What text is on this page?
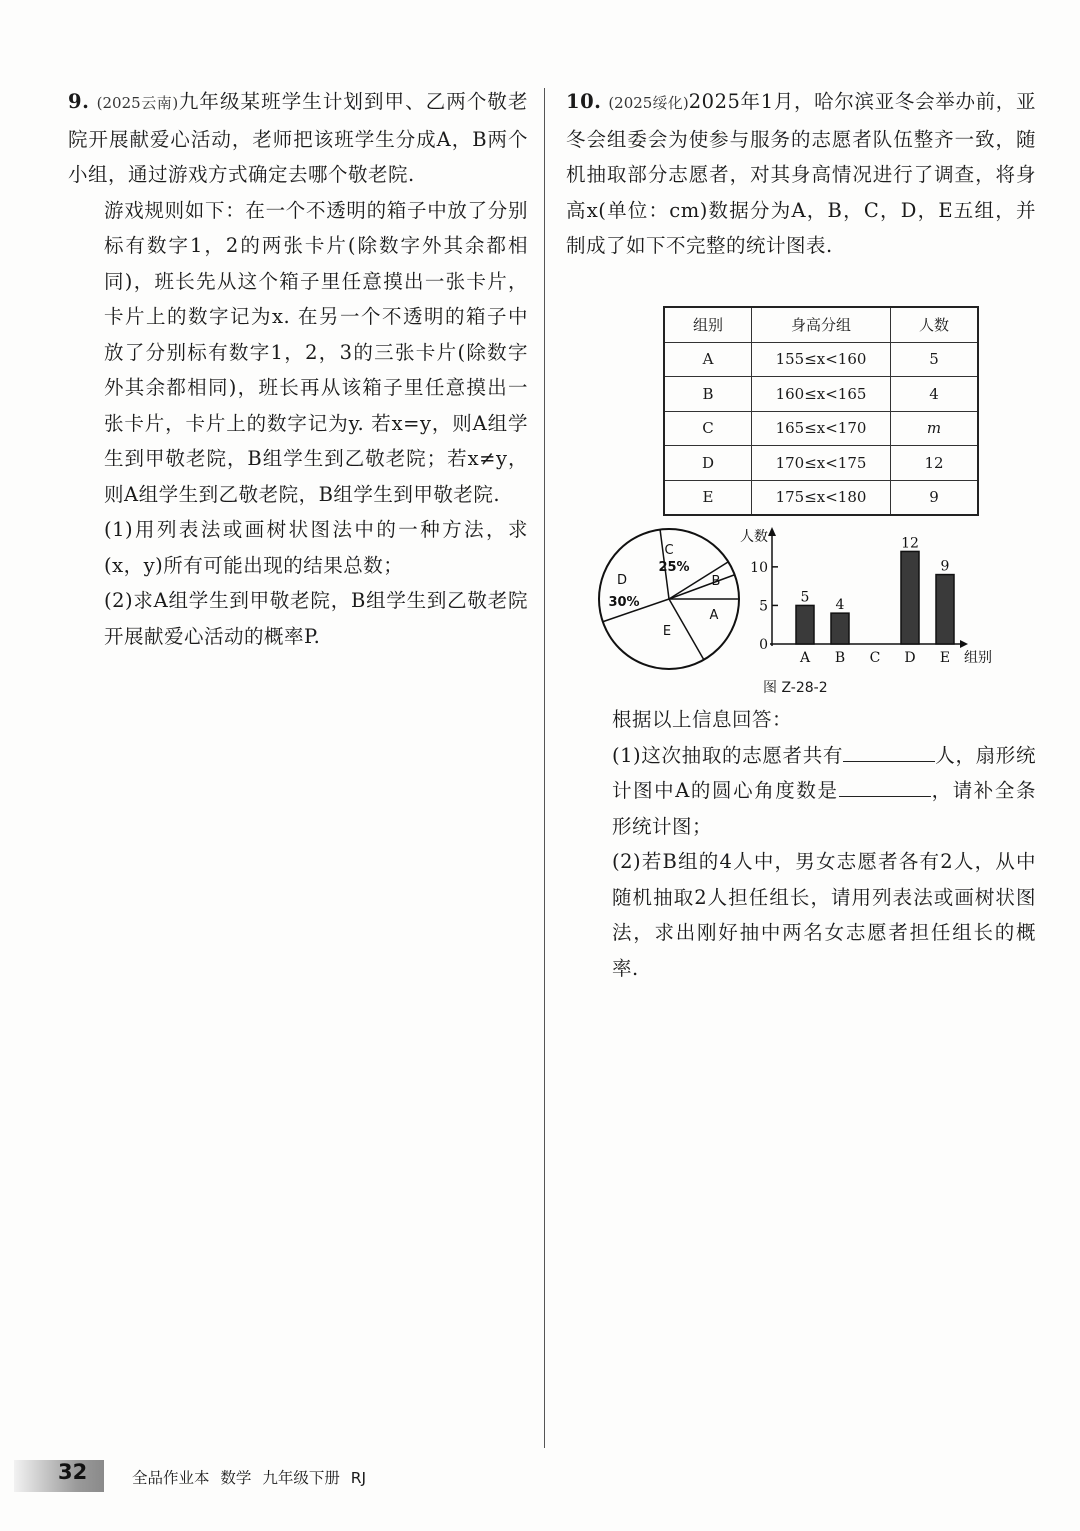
9. (2025云南)九年级某班学生计划到甲、乙两个敬老院开展献爱心活动，老师把该班学生分成A，B两个小组，通过游戏方式确定去哪个敬老院.

游戏规则如下：在一个不透明的箱子中放了分别标有数字1，2的两张卡片(除数字外其余都相同)，班长先从这个箱子里任意摸出一张卡片，卡片上的数字记为x. 在另一个不透明的箱子中放了分别标有数字1，2，3的三张卡片(除数字外其余都相同)，班长再从该箱子里任意摸出一张卡片，卡片上的数字记为y. 若x=y，则A组学生到甲敬老院，B组学生到乙敬老院；若x≠y，则A组学生到乙敬老院，B组学生到甲敬老院.

(1)用列表法或画树状图法中的一种方法，求(x，y)所有可能出现的结果总数；

(2)求A组学生到甲敬老院，B组学生到乙敬老院开展献爱心活动的概率P.

10. (2025绥化)2025年1月，哈尔滨亚冬会举办前，亚冬会组委会为使参与服务的志愿者队伍整齐一致，随机抽取部分志愿者，对其身高情况进行了调查，将身高x(单位：cm)数据分为A，B，C，D，E五组，并制成了如下不完整的统计图表.

组别	身高分组	人数
A	155≤x<160	5
B	160≤x<165	4
C	165≤x<170	m
D	170≤x<175	12
E	175≤x<180	9
C
25%
D
30%
B
A
E
人数
组别
0
5
10
5
A
4
B C
12
D
9
E
图 Z-28-2

根据以上信息回答：

(1)这次抽取的志愿者共有	人，扇形统计图中A的圆心角度数是	，请补全条形统计图；

(2)若B组的4人中，男女志愿者各有2人，从中随机抽取2人担任组长，请用列表法或画树状图法，求出刚好抽中两名女志愿者担任组长的概率.

32	全品作业本 数学 九年级下册 RJ
